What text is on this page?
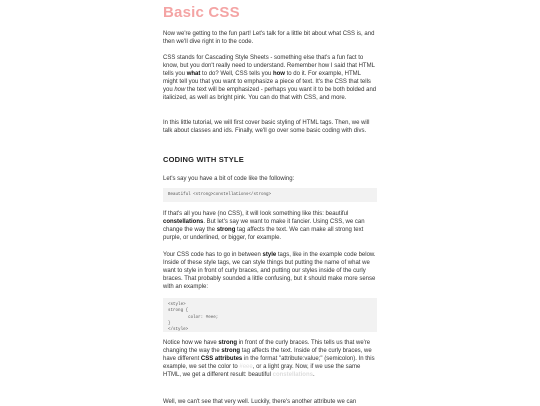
Basic CSS

Now we're getting to the fun part! Let's talk for a little bit about what CSS is, and then we'll dive right in to the code.

CSS stands for Cascading Style Sheets - something else that's a fun fact to know, but you don't really need to understand. Remember how I said that HTML tells you what to do? Well, CSS tells you how to do it. For example, HTML might tell you that you want to emphasize a piece of text. It's the CSS that tells you how the text will be emphasized - perhaps you want it to be both bolded and italicized, as well as bright pink. You can do that with CSS, and more.

In this little tutorial, we will first cover basic styling of HTML tags. Then, we will talk about classes and ids. Finally, we'll go over some basic coding with divs.

CODING WITH STYLE

Let's say you have a bit of code like the following:

Beautiful <strong>constellations</strong>

If that's all you have (no CSS), it will look something like this: beautiful constellations. But let's say we want to make it fancier. Using CSS, we can change the way the strong tag affects the text. We can make all strong text purple, or underlined, or bigger, for example.

Your CSS code has to go in between style tags, like in the example code below. Inside of these style tags, we can style things but putting the name of what we want to style in front of curly braces, and putting our styles inside of the curly braces. That probably sounded a little confusing, but it should make more sense with an example:

<style>
strong {
color: #eee;
}
</style>

Notice how we have strong in front of the curly braces. This tells us that we're changing the way the strong tag affects the text. Inside of the curly braces, we have different CSS attributes in the format "attribute:value;" (semicolon). In this example, we set the color to #eee, or a light gray. Now, if we use the same HTML, we get a different result: beautiful constellations.

Well, we can't see that very well. Luckily, there's another attribute we can
